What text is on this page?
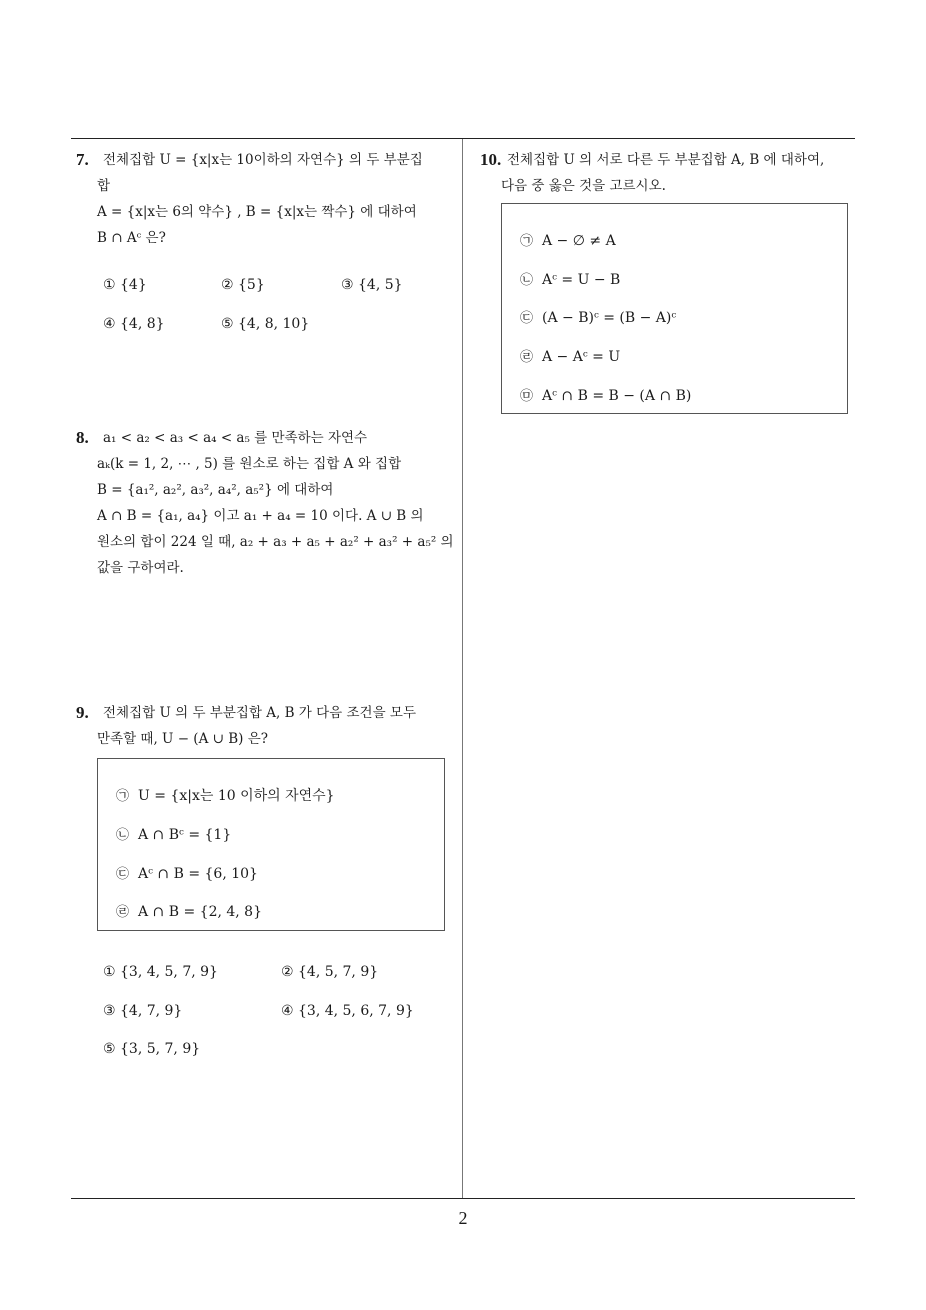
7. 전체집합 U = {x|x는 10이하의 자연수} 의 두 부분집
합
A = {x|x는 6의 약수} , B = {x|x는 짝수} 에 대하여
B ∩ Aᶜ 은?
① {4}	② {5}	③ {4, 5}
④ {4, 8}	⑤ {4, 8, 10}
8. a₁ < a₂ < a₃ < a₄ < a₅ 를 만족하는 자연수
aₖ(k = 1, 2, ⋯ , 5) 를 원소로 하는 집합 A 와 집합
B = {a₁², a₂², a₃², a₄², a₅²} 에 대하여
A ∩ B = {a₁, a₄} 이고 a₁ + a₄ = 10 이다. A ∪ B 의
원소의 합이 224 일 때, a₂ + a₃ + a₅ + a₂² + a₃² + a₅² 의
값을 구하여라.
9. 전체집합 U 의 두 부분집합 A, B 가 다음 조건을 모두
만족할 때, U − (A ∪ B) 은?
㉠ U = {x|x는 10 이하의 자연수}
㉡ A ∩ Bᶜ = {1}
㉢ Aᶜ ∩ B = {6, 10}
㉣ A ∩ B = {2, 4, 8}
① {3, 4, 5, 7, 9}	② {4, 5, 7, 9}
③ {4, 7, 9}	④ {3, 4, 5, 6, 7, 9}
⑤ {3, 5, 7, 9}
10. 전체집합 U 의 서로 다른 두 부분집합 A, B 에 대하여,
다음 중 옳은 것을 고르시오.
㉠ A − ∅ ≠ A
㉡ Aᶜ = U − B
㉢ (A − B)ᶜ = (B − A)ᶜ
㉣ A − Aᶜ = U
㉤ Aᶜ ∩ B = B − (A ∩ B)
2
